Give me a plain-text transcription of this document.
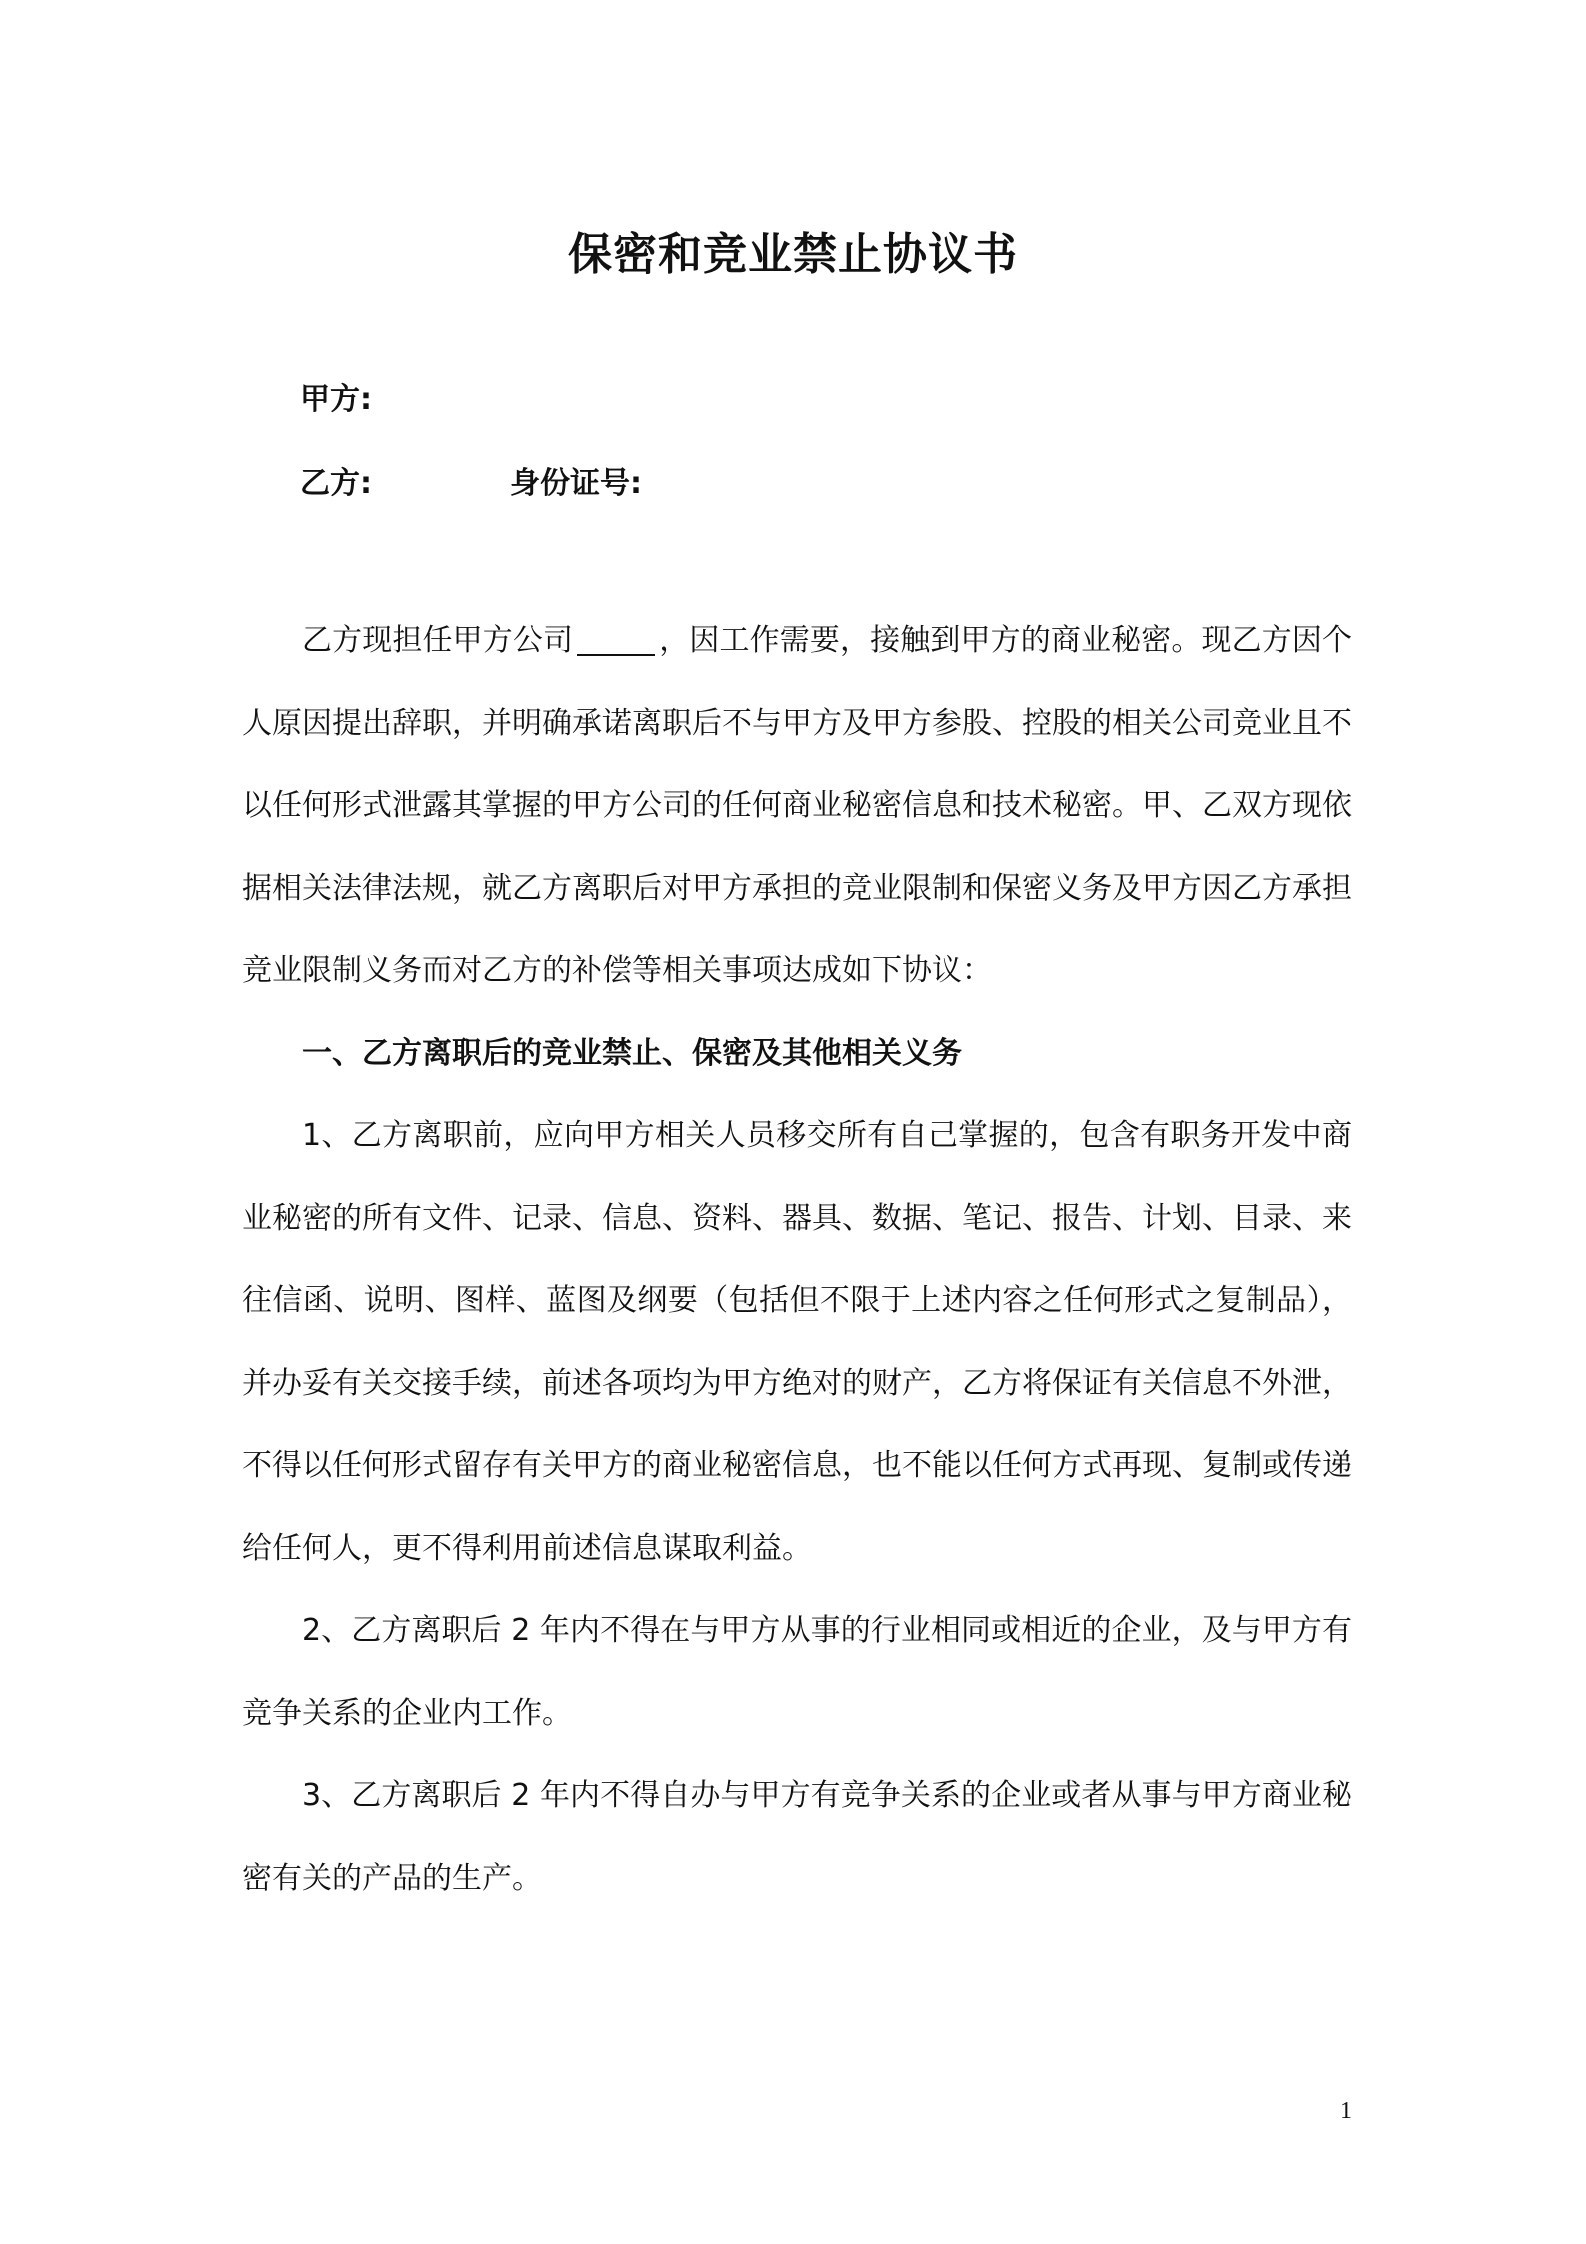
保密和竞业禁止协议书
甲方:
乙方:	身份证号:

乙方现担任甲方公司	，因工作需要，接触到甲方的商业秘密。现乙方因个人原因提出辞职，并明确承诺离职后不与甲方及甲方参股、控股的相关公司竞业且不以任何形式泄露其掌握的甲方公司的任何商业秘密信息和技术秘密。甲、乙双方现依据相关法律法规，就乙方离职后对甲方承担的竞业限制和保密义务及甲方因乙方承担竞业限制义务而对乙方的补偿等相关事项达成如下协议：

一、乙方离职后的竞业禁止、保密及其他相关义务

1、乙方离职前，应向甲方相关人员移交所有自己掌握的，包含有职务开发中商业秘密的所有文件、记录、信息、资料、器具、数据、笔记、报告、计划、目录、来往信函、说明、图样、蓝图及纲要（包括但不限于上述内容之任何形式之复制品），并办妥有关交接手续，前述各项均为甲方绝对的财产，乙方将保证有关信息不外泄，不得以任何形式留存有关甲方的商业秘密信息，也不能以任何方式再现、复制或传递给任何人，更不得利用前述信息谋取利益。

2、乙方离职后 2 年内不得在与甲方从事的行业相同或相近的企业，及与甲方有竞争关系的企业内工作。

3、乙方离职后 2 年内不得自办与甲方有竞争关系的企业或者从事与甲方商业秘密有关的产品的生产。

1
